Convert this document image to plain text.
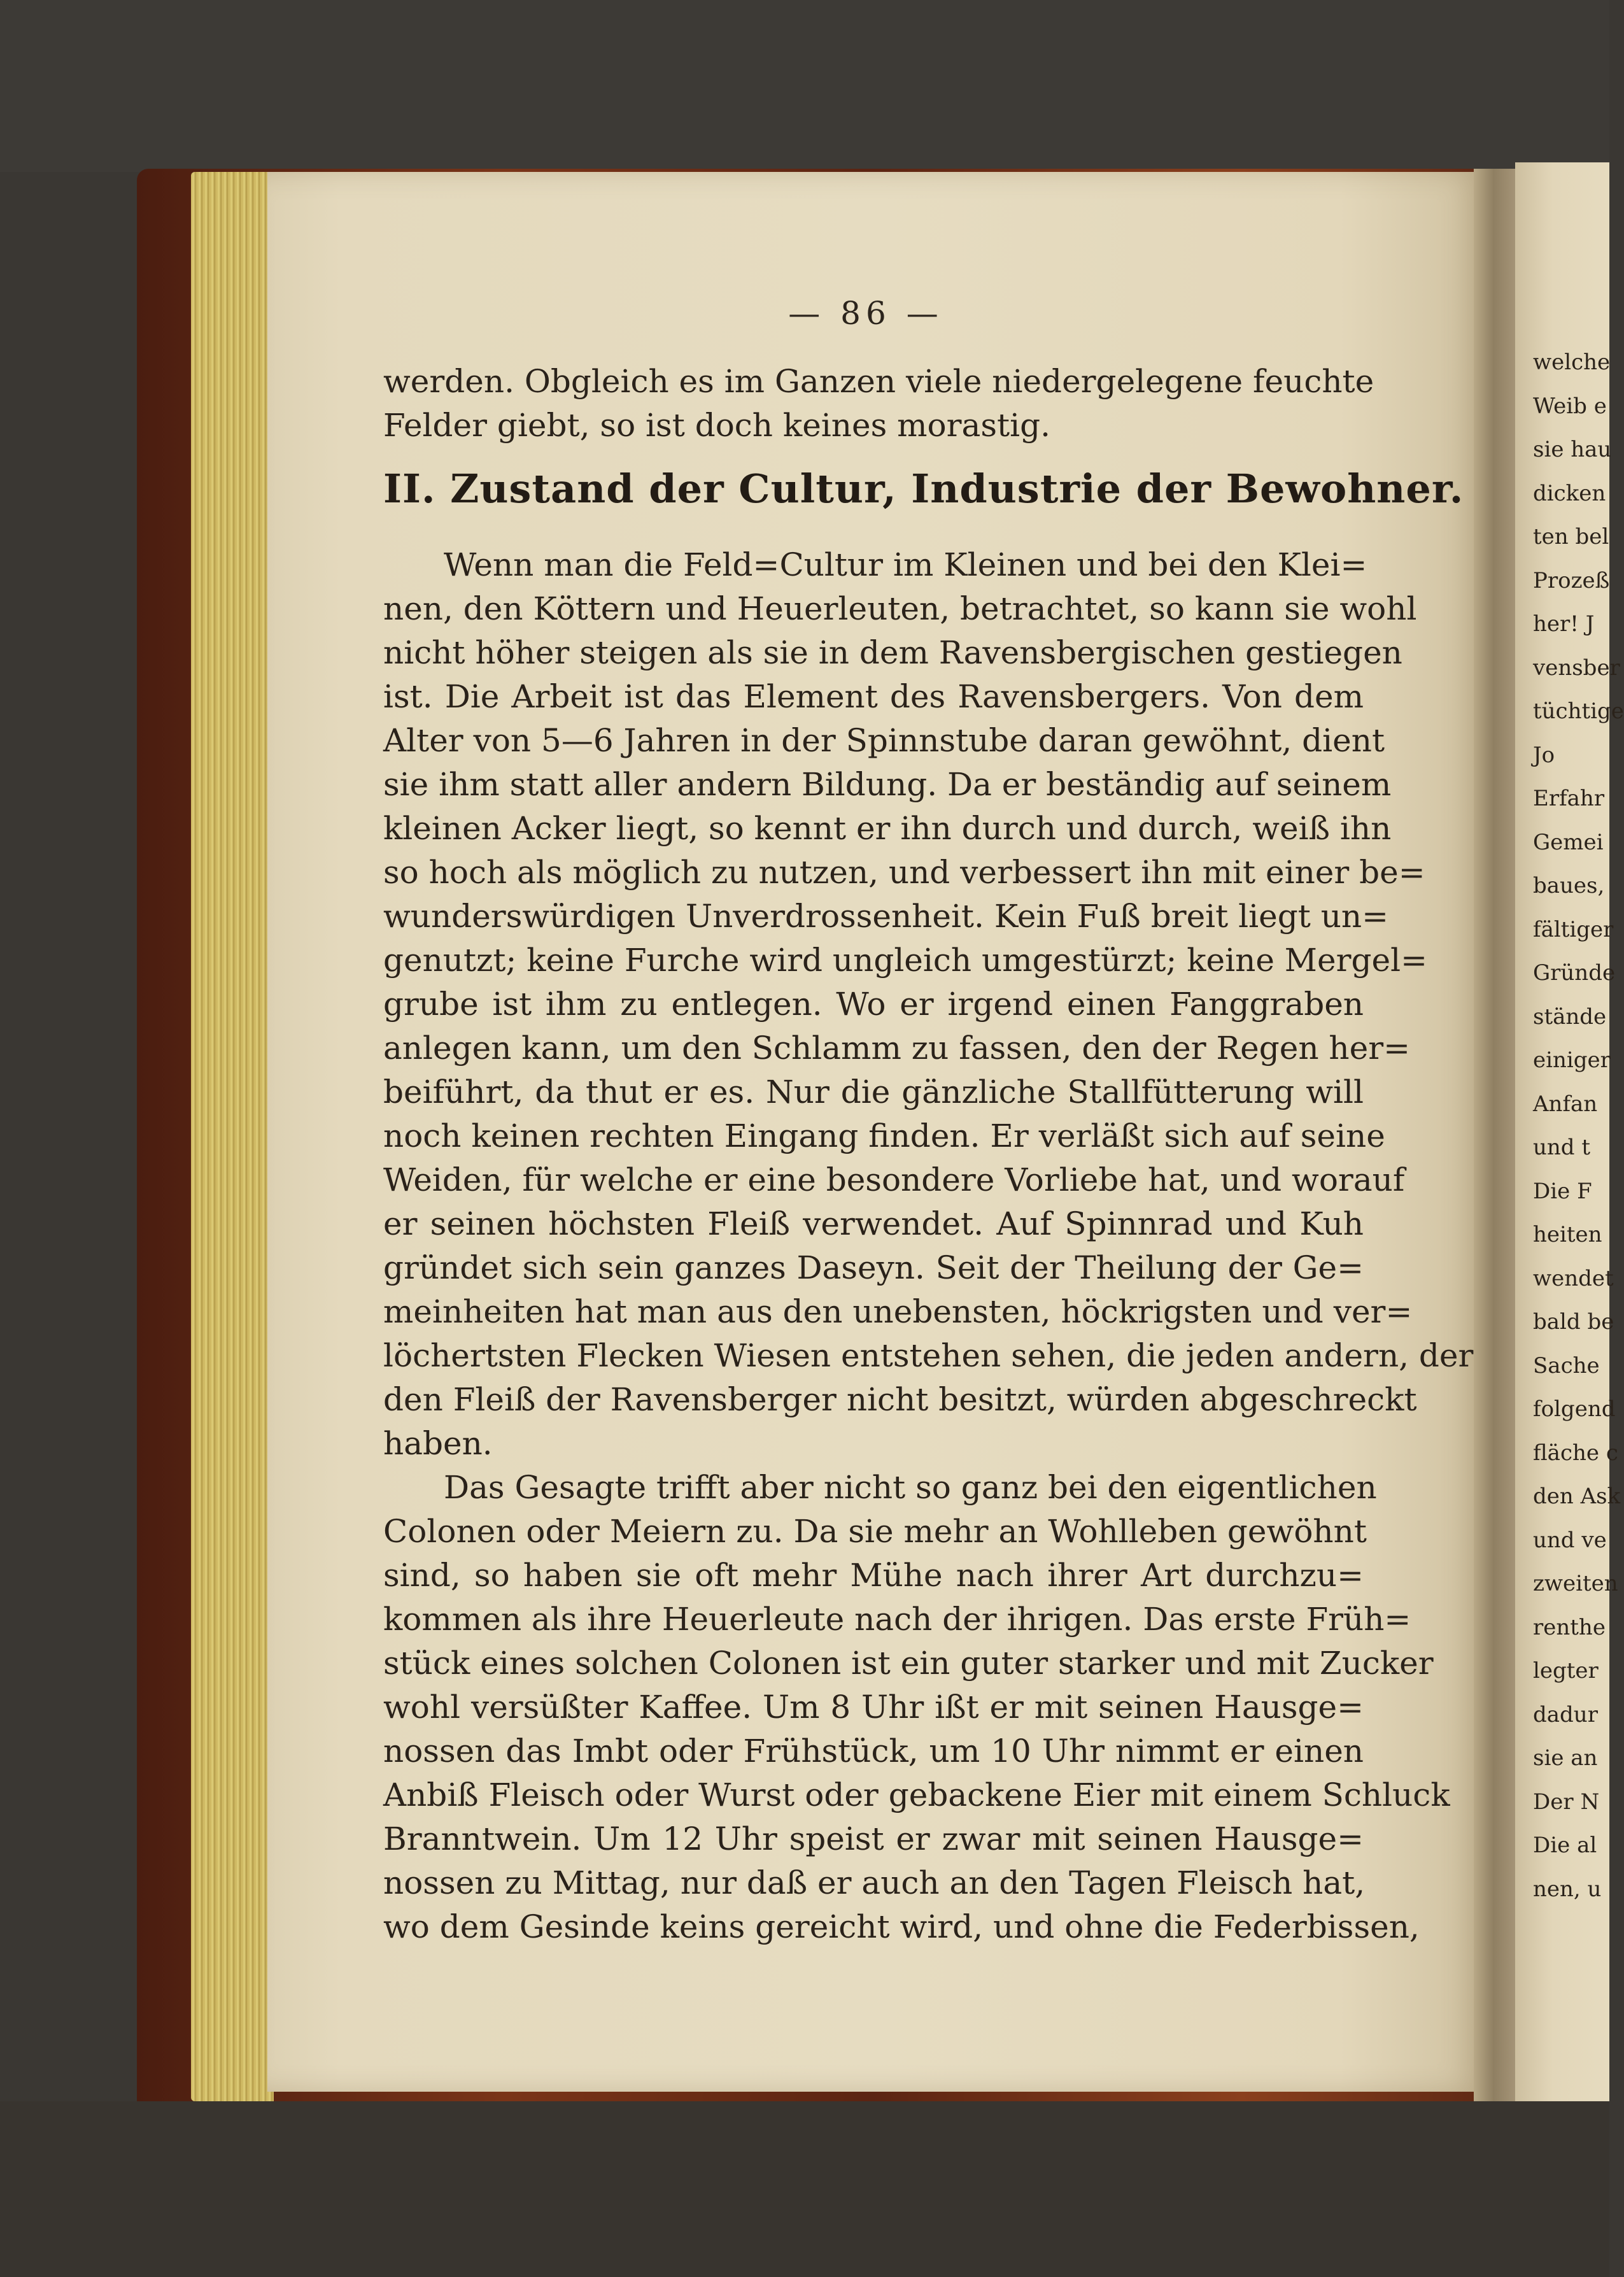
— 86 —
werden. Obgleich es im Ganzen viele niedergelegene feuchte
Felder giebt, so ist doch keines morastig.
II. Zustand der Cultur, Industrie der Bewohner.
Wenn man die Feld=Cultur im Kleinen und bei den Klei=
nen, den Köttern und Heuerleuten, betrachtet, so kann sie wohl
nicht höher steigen als sie in dem Ravensbergischen gestiegen
ist. Die Arbeit ist das Element des Ravensbergers. Von dem
Alter von 5—6 Jahren in der Spinnstube daran gewöhnt, dient
sie ihm statt aller andern Bildung. Da er beständig auf seinem
kleinen Acker liegt, so kennt er ihn durch und durch, weiß ihn
so hoch als möglich zu nutzen, und verbessert ihn mit einer be=
wunderswürdigen Unverdrossenheit. Kein Fuß breit liegt un=
genutzt; keine Furche wird ungleich umgestürzt; keine Mergel=
grube ist ihm zu entlegen. Wo er irgend einen Fanggraben
anlegen kann, um den Schlamm zu fassen, den der Regen her=
beiführt, da thut er es. Nur die gänzliche Stallfütterung will
noch keinen rechten Eingang finden. Er verläßt sich auf seine
Weiden, für welche er eine besondere Vorliebe hat, und worauf
er seinen höchsten Fleiß verwendet. Auf Spinnrad und Kuh
gründet sich sein ganzes Daseyn. Seit der Theilung der Ge=
meinheiten hat man aus den unebensten, höckrigsten und ver=
löchertsten Flecken Wiesen entstehen sehen, die jeden andern, der
den Fleiß der Ravensberger nicht besitzt, würden abgeschreckt
haben.
Das Gesagte trifft aber nicht so ganz bei den eigentlichen
Colonen oder Meiern zu. Da sie mehr an Wohlleben gewöhnt
sind, so haben sie oft mehr Mühe nach ihrer Art durchzu=
kommen als ihre Heuerleute nach der ihrigen. Das erste Früh=
stück eines solchen Colonen ist ein guter starker und mit Zucker
wohl versüßter Kaffee. Um 8 Uhr ißt er mit seinen Hausge=
nossen das Imbt oder Frühstück, um 10 Uhr nimmt er einen
Anbiß Fleisch oder Wurst oder gebackene Eier mit einem Schluck
Branntwein. Um 12 Uhr speist er zwar mit seinen Hausge=
nossen zu Mittag, nur daß er auch an den Tagen Fleisch hat,
wo dem Gesinde keins gereicht wird, und ohne die Federbissen,
welche
Weib e
sie hau
dicken
ten bel
Prozeß
her! J
vensber
tüchtige
Jo
Erfahr
Gemei
baues,
fältiger
Gründe
stände
einiger
Anfan
und t
Die F
heiten
wendet
bald be
Sache
folgend
fläche c
den Ask
und ve
zweiten
renthe
legter
dadur
sie an
Der N
Die al
nen, u
